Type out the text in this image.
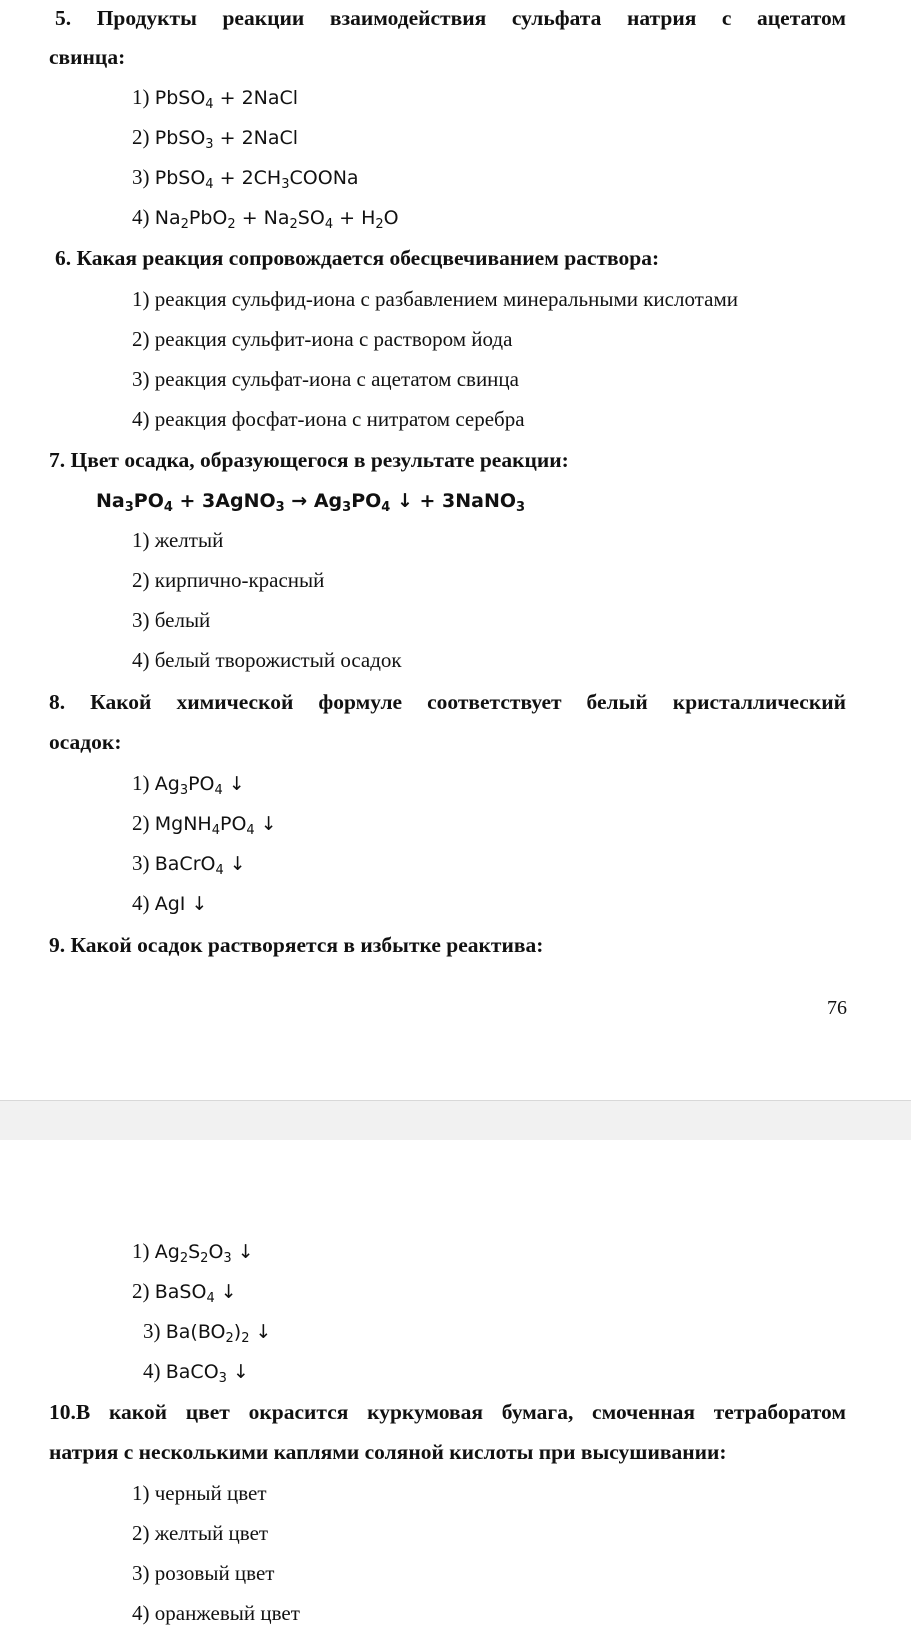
5. Продукты реакции взаимодействия сульфата натрия с ацетатом
свинца:
1) PbSO$_4$ + 2NaCl
2) PbSO$_3$ + 2NaCl
3) PbSO$_4$ + $2CH_3COONa$
4) $Na_2PbO_2 + Na_2SO_4 + H_2O$
6. Какая реакция сопровождается обесцвечиванием раствора:
1) реакция сульфид-иона с разбавлением минеральными кислотами
2) реакция сульфит-иона с раствором йода
3) реакция сульфат-иона с ацетатом свинца
4) реакция фосфат-иона с нитратом серебра
7. Цвет осадка, образующегося в результате реакции:
$Na_3PO_4$ + 3AgNO$_3$ → $Ag_3PO_4$ ↓ + 3NaNO$_3$
1) желтый
2) кирпично-красный
3) белый
4) белый творожистый осадок
8. Какой химической формуле соответствует белый кристаллический
осадок:
1) $Ag_3PO_4$ ↓
2) $MgNH_4PO_4$ ↓
3) BaCrO$_4$ ↓
4) AgI ↓
9. Какой осадок растворяется в избытке реактива:
76
1) $Ag_2S_2O_3$ ↓
2) BaSO$_4$ ↓
3) $Ba(BO_2)_2$ ↓
4) BaCO$_3$ ↓
10.В какой цвет окрасится куркумовая бумага, смоченная тетраборатом
натрия с несколькими каплями соляной кислоты при высушивании:
1) черный цвет
2) желтый цвет
3) розовый цвет
4) оранжевый цвет
